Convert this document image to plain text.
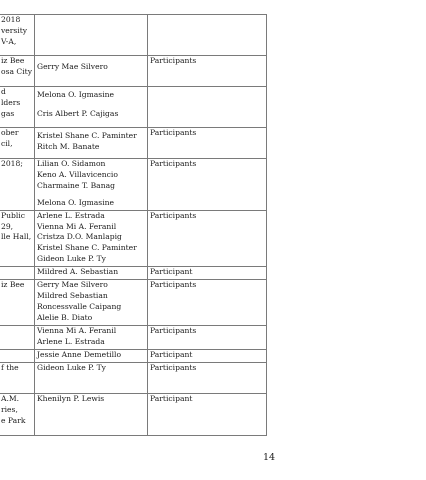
2018
versity
V-A,		

iz Bee
osa City	Gerry Mae Silvero	Participants

d
lders
gas	Melona O. Igmasine
Cris Albert P. Cajigas	

ober
cil,	Kristel Shane C. Paminter
Ritch M. Banate	Participants

2018;	Lilian O. Sidamon
Keno A. Villavicencio
Charmaine T. Banag
Melona O. Igmasine	Participants

Public
29,
lle Hall,	Arlene L. Estrada
Vienna Mi A. Feranil
Cristza D.O. Manlapig
Kristel Shane C. Paminter
Gideon Luke P. Ty	Participants

	Mildred A. Sebastian	Participant

iz Bee	Gerry Mae Silvero
Mildred Sebastian
Roncessvalle Caipang
Alelie B. Diato	Participants

	Vienna Mi A. Feranil
Arlene L. Estrada	Participants

	Jessie Anne Demetillo	Participant

f the	Gideon Luke P. Ty	Participants

A.M.
ries,
e Park	Khenilyn P. Lewis	Participant
14
